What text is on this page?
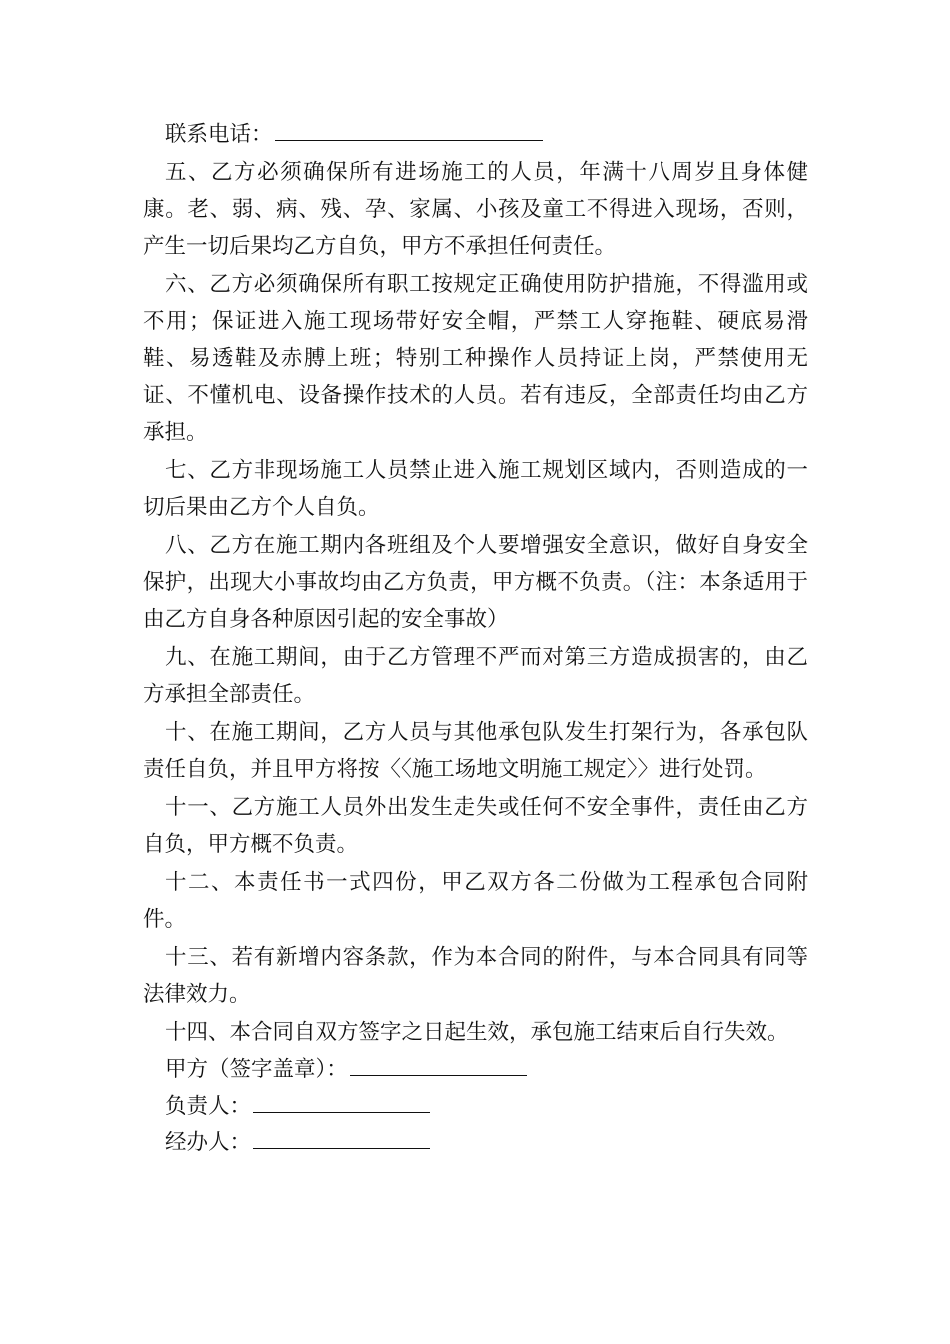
联系电话：

五、乙方必须确保所有进场施工的人员，年满十八周岁且身体健康。老、弱、病、残、孕、家属、小孩及童工不得进入现场，否则，产生一切后果均乙方自负，甲方不承担任何责任。

六、乙方必须确保所有职工按规定正确使用防护措施，不得滥用或不用；保证进入施工现场带好安全帽，严禁工人穿拖鞋、硬底易滑鞋、易透鞋及赤膊上班；特别工种操作人员持证上岗，严禁使用无证、不懂机电、设备操作技术的人员。若有违反，全部责任均由乙方承担。

七、乙方非现场施工人员禁止进入施工规划区域内，否则造成的一切后果由乙方个人自负。

八、乙方在施工期内各班组及个人要增强安全意识，做好自身安全保护，出现大小事故均由乙方负责，甲方概不负责。（注：本条适用于由乙方自身各种原因引起的安全事故）

九、在施工期间，由于乙方管理不严而对第三方造成损害的，由乙方承担全部责任。

十、在施工期间，乙方人员与其他承包队发生打架行为，各承包队责任自负，并且甲方将按〈〈施工场地文明施工规定〉〉进行处罚。

十一、乙方施工人员外出发生走失或任何不安全事件，责任由乙方自负，甲方概不负责。

十二、本责任书一式四份，甲乙双方各二份做为工程承包合同附件。

十三、若有新增内容条款，作为本合同的附件，与本合同具有同等法律效力。

十四、本合同自双方签字之日起生效，承包施工结束后自行失效。

甲方（签字盖章）：
负责人：
经办人：
